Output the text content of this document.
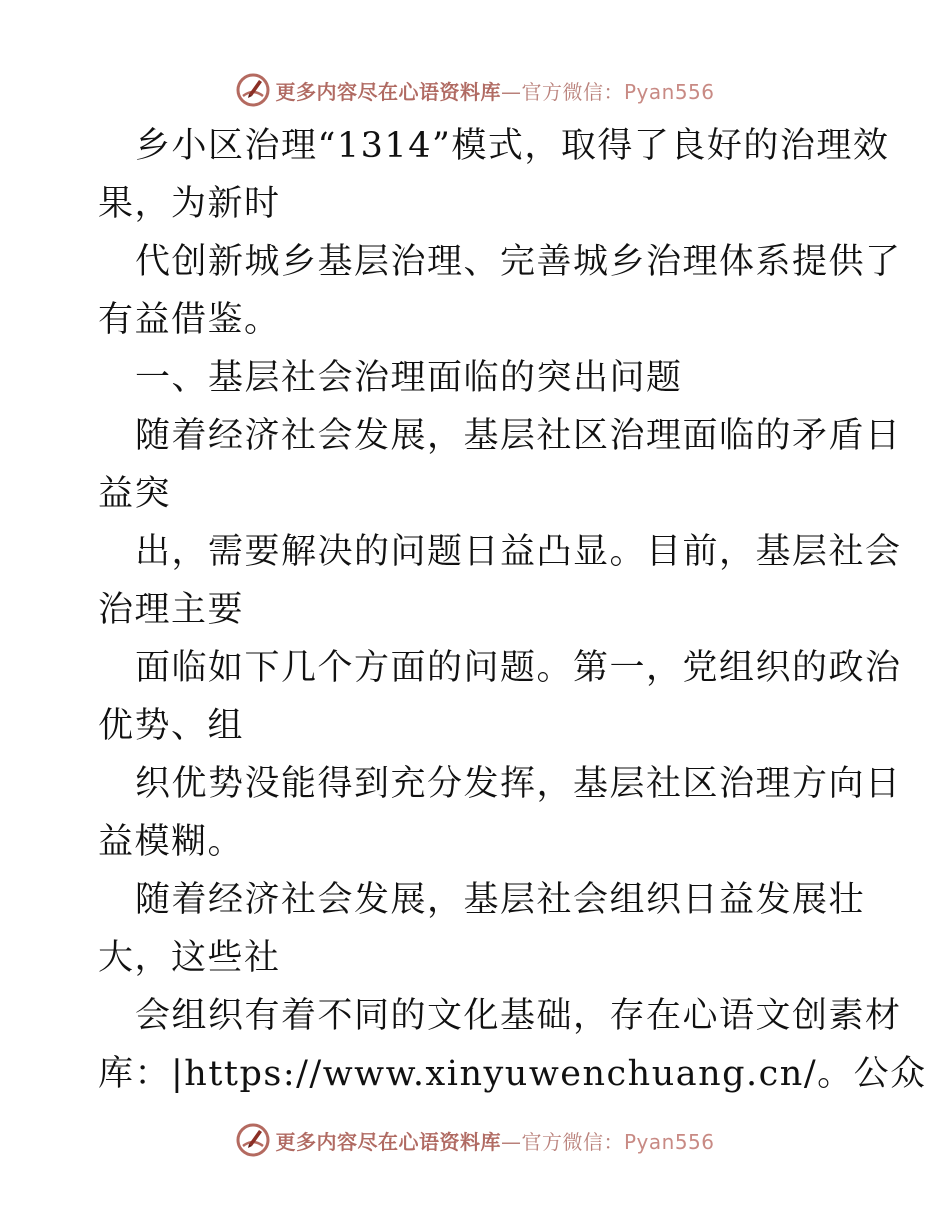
更多内容尽在心语资料库—官方微信：Pyan556

乡小区治理“1314”模式，取得了良好的治理效

果，为新时

代创新城乡基层治理、完善城乡治理体系提供了

有益借鉴。

一、基层社会治理面临的突出问题

随着经济社会发展，基层社区治理面临的矛盾日

益突

出，需要解决的问题日益凸显。目前，基层社会

治理主要

面临如下几个方面的问题。第一，党组织的政治

优势、组

织优势没能得到充分发挥，基层社区治理方向日

益模糊。

随着经济社会发展，基层社会组织日益发展壮

大，这些社

会组织有着不同的文化基础，存在心语文创素材

库：|https://www.xinyuwenchuang.cn/。公众

更多内容尽在心语资料库—官方微信：Pyan556
